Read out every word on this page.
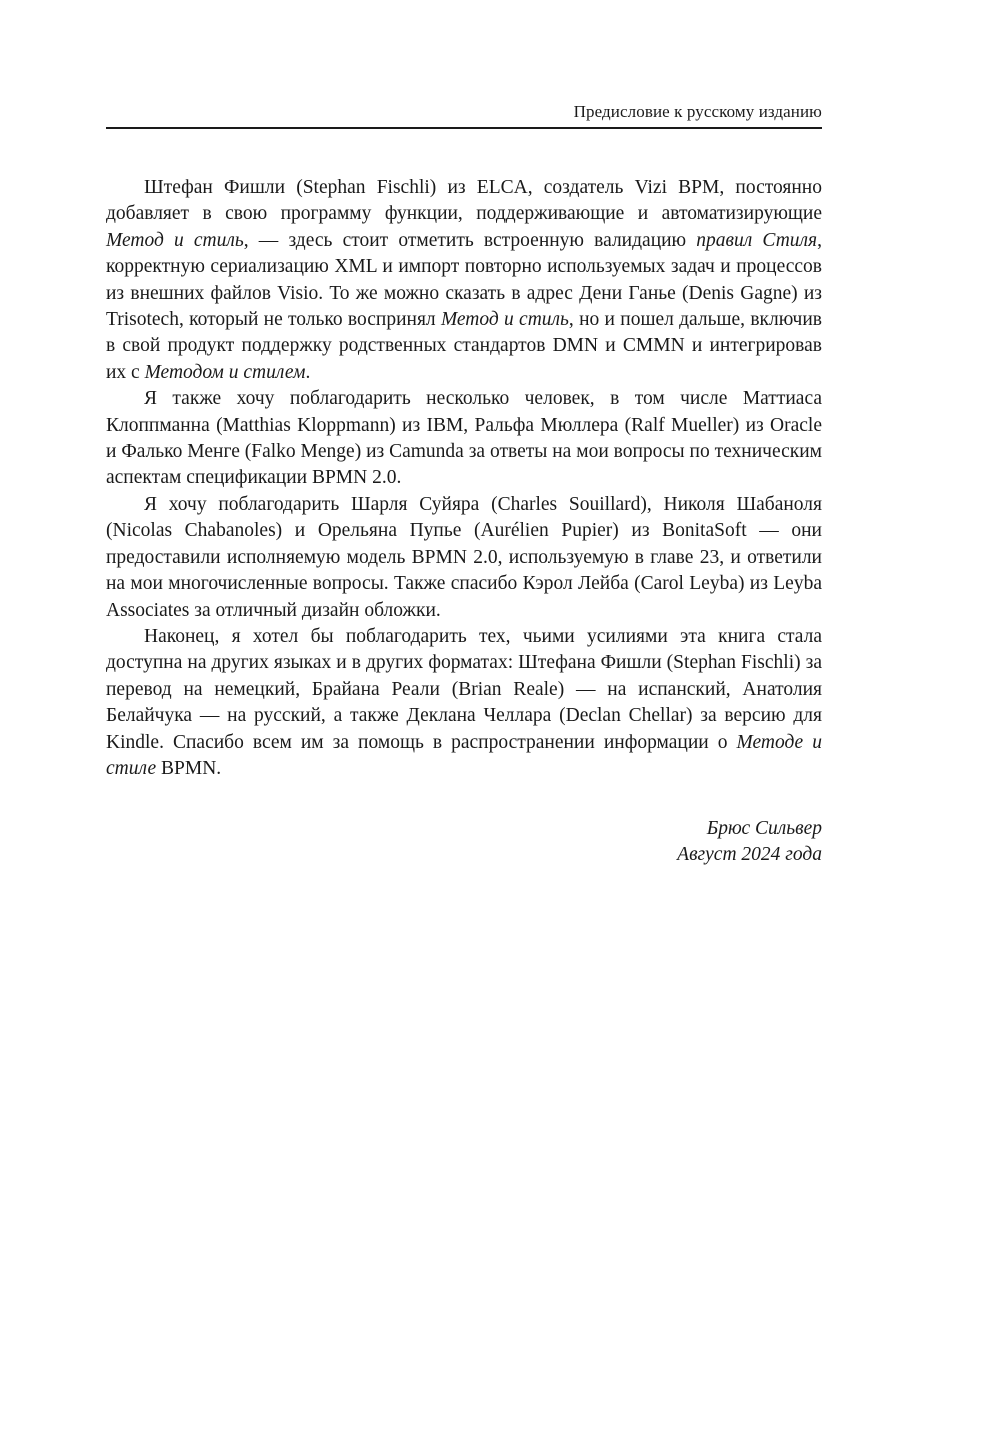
Предисловие к русскому изданию

Штефан Фишли (Stephan Fischli) из ELCA, создатель Vizi BPM, постоянно добавляет в свою программу функции, поддерживающие и автоматизирующие Метод и стиль, — здесь стоит отметить встроенную валидацию правил Стиля, корректную сериализацию XML и импорт повторно используемых задач и процессов из внешних файлов Visio. То же можно сказать в адрес Дени Ганье (Denis Gagne) из Trisotech, который не только воспринял Метод и стиль, но и пошел дальше, включив в свой продукт поддержку родственных стандартов DMN и CMMN и интегрировав их с Методом и стилем.

Я также хочу поблагодарить несколько человек, в том числе Маттиаса Клоппманна (Matthias Kloppmann) из IBM, Ральфа Мюллера (Ralf Mueller) из Oracle и Фалько Менге (Falko Menge) из Camunda за ответы на мои вопросы по техническим аспектам спецификации BPMN 2.0.

Я хочу поблагодарить Шарля Суйяра (Charles Souillard), Николя Шабаноля (Nicolas Chabanoles) и Орельяна Пупье (Aurélien Pupier) из BonitaSoft — они предоставили исполняемую модель BPMN 2.0, используемую в главе 23, и ответили на мои многочисленные вопросы. Также спасибо Кэрол Лейба (Carol Leyba) из Leyba Associates за отличный дизайн обложки.

Наконец, я хотел бы поблагодарить тех, чьими усилиями эта книга стала доступна на других языках и в других форматах: Штефана Фишли (Stephan Fischli) за перевод на немецкий, Брайана Реали (Brian Reale) — на испанский, Анатолия Белайчука — на русский, а также Деклана Челлара (Declan Chellar) за версию для Kindle. Спасибо всем им за помощь в распространении информации о Методе и стиле BPMN.

Брюс Сильвер
Август 2024 года
